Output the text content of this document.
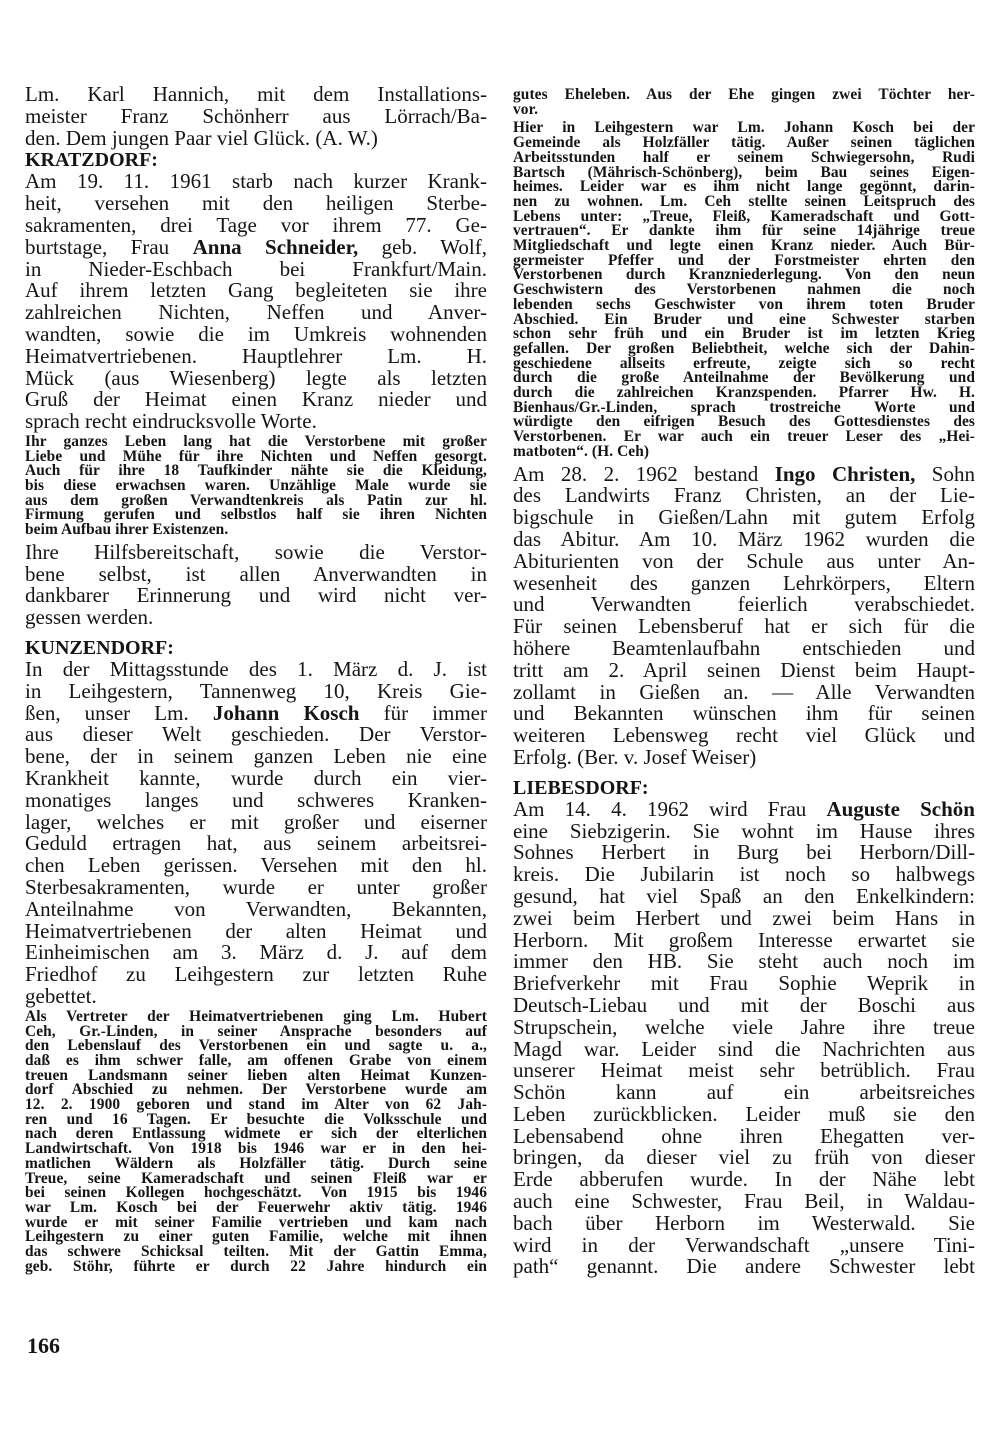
Lm. Karl Hannich, mit dem Installations-
meister Franz Schönherr aus Lörrach/Ba-
den. Dem jungen Paar viel Glück. (A. W.)
KRATZDORF:
Am 19. 11. 1961 starb nach kurzer Krank-
heit, versehen mit den heiligen Sterbe-
sakramenten, drei Tage vor ihrem 77. Ge-
burtstage, Frau Anna Schneider, geb. Wolf,
in Nieder-Eschbach bei Frankfurt/Main.
Auf ihrem letzten Gang begleiteten sie ihre
zahlreichen Nichten, Neffen und Anver-
wandten, sowie die im Umkreis wohnenden
Heimatvertriebenen. Hauptlehrer Lm. H.
Mück (aus Wiesenberg) legte als letzten
Gruß der Heimat einen Kranz nieder und
sprach recht eindrucksvolle Worte.
Ihr ganzes Leben lang hat die Verstorbene mit großer
Liebe und Mühe für ihre Nichten und Neffen gesorgt.
Auch für ihre 18 Taufkinder nähte sie die Kleidung,
bis diese erwachsen waren. Unzählige Male wurde sie
aus dem großen Verwandtenkreis als Patin zur hl.
Firmung gerufen und selbstlos half sie ihren Nichten
beim Aufbau ihrer Existenzen.
Ihre Hilfsbereitschaft, sowie die Verstor-
bene selbst, ist allen Anverwandten in
dankbarer Erinnerung und wird nicht ver-
gessen werden.
KUNZENDORF:
In der Mittagsstunde des 1. März d. J. ist
in Leihgestern, Tannenweg 10, Kreis Gie-
ßen, unser Lm. Johann Kosch für immer
aus dieser Welt geschieden. Der Verstor-
bene, der in seinem ganzen Leben nie eine
Krankheit kannte, wurde durch ein vier-
monatiges langes und schweres Kranken-
lager, welches er mit großer und eiserner
Geduld ertragen hat, aus seinem arbeitsrei-
chen Leben gerissen. Versehen mit den hl.
Sterbesakramenten, wurde er unter großer
Anteilnahme von Verwandten, Bekannten,
Heimatvertriebenen der alten Heimat und
Einheimischen am 3. März d. J. auf dem
Friedhof zu Leihgestern zur letzten Ruhe
gebettet.
Als Vertreter der Heimatvertriebenen ging Lm. Hubert
Ceh, Gr.-Linden, in seiner Ansprache besonders auf
den Lebenslauf des Verstorbenen ein und sagte u. a.,
daß es ihm schwer falle, am offenen Grabe von einem
treuen Landsmann seiner lieben alten Heimat Kunzen-
dorf Abschied zu nehmen. Der Verstorbene wurde am
12. 2. 1900 geboren und stand im Alter von 62 Jah-
ren und 16 Tagen. Er besuchte die Volksschule und
nach deren Entlassung widmete er sich der elterlichen
Landwirtschaft. Von 1918 bis 1946 war er in den hei-
matlichen Wäldern als Holzfäller tätig. Durch seine
Treue, seine Kameradschaft und seinen Fleiß war er
bei seinen Kollegen hochgeschätzt. Von 1915 bis 1946
war Lm. Kosch bei der Feuerwehr aktiv tätig. 1946
wurde er mit seiner Familie vertrieben und kam nach
Leihgestern zu einer guten Familie, welche mit ihnen
das schwere Schicksal teilten. Mit der Gattin Emma,
geb. Stöhr, führte er durch 22 Jahre hindurch ein
gutes Eheleben. Aus der Ehe gingen zwei Töchter her-
vor.
Hier in Leihgestern war Lm. Johann Kosch bei der
Gemeinde als Holzfäller tätig. Außer seinen täglichen
Arbeitsstunden half er seinem Schwiegersohn, Rudi
Bartsch (Mährisch-Schönberg), beim Bau seines Eigen-
heimes. Leider war es ihm nicht lange gegönnt, darin-
nen zu wohnen. Lm. Ceh stellte seinen Leitspruch des
Lebens unter: „Treue, Fleiß, Kameradschaft und Gott-
vertrauen“. Er dankte ihm für seine 14jährige treue
Mitgliedschaft und legte einen Kranz nieder. Auch Bür-
germeister Pfeffer und der Forstmeister ehrten den
Verstorbenen durch Kranzniederlegung. Von den neun
Geschwistern des Verstorbenen nahmen die noch
lebenden sechs Geschwister von ihrem toten Bruder
Abschied. Ein Bruder und eine Schwester starben
schon sehr früh und ein Bruder ist im letzten Krieg
gefallen. Der großen Beliebtheit, welche sich der Dahin-
geschiedene allseits erfreute, zeigte sich so recht
durch die große Anteilnahme der Bevölkerung und
durch die zahlreichen Kranzspenden. Pfarrer Hw. H.
Bienhaus/Gr.-Linden, sprach trostreiche Worte und
würdigte den eifrigen Besuch des Gottesdienstes des
Verstorbenen. Er war auch ein treuer Leser des „Hei-
matboten“. (H. Ceh)
Am 28. 2. 1962 bestand Ingo Christen, Sohn
des Landwirts Franz Christen, an der Lie-
bigschule in Gießen/Lahn mit gutem Erfolg
das Abitur. Am 10. März 1962 wurden die
Abiturienten von der Schule aus unter An-
wesenheit des ganzen Lehrkörpers, Eltern
und Verwandten feierlich verabschiedet.
Für seinen Lebensberuf hat er sich für die
höhere Beamtenlaufbahn entschieden und
tritt am 2. April seinen Dienst beim Haupt-
zollamt in Gießen an. — Alle Verwandten
und Bekannten wünschen ihm für seinen
weiteren Lebensweg recht viel Glück und
Erfolg. (Ber. v. Josef Weiser)
LIEBESDORF:
Am 14. 4. 1962 wird Frau Auguste Schön
eine Siebzigerin. Sie wohnt im Hause ihres
Sohnes Herbert in Burg bei Herborn/Dill-
kreis. Die Jubilarin ist noch so halbwegs
gesund, hat viel Spaß an den Enkelkindern:
zwei beim Herbert und zwei beim Hans in
Herborn. Mit großem Interesse erwartet sie
immer den HB. Sie steht auch noch im
Briefverkehr mit Frau Sophie Weprik in
Deutsch-Liebau und mit der Boschi aus
Strupschein, welche viele Jahre ihre treue
Magd war. Leider sind die Nachrichten aus
unserer Heimat meist sehr betrüblich. Frau
Schön kann auf ein arbeitsreiches
Leben zurückblicken. Leider muß sie den
Lebensabend ohne ihren Ehegatten ver-
bringen, da dieser viel zu früh von dieser
Erde abberufen wurde. In der Nähe lebt
auch eine Schwester, Frau Beil, in Waldau-
bach über Herborn im Westerwald. Sie
wird in der Verwandschaft „unsere Tini-
path“ genannt. Die andere Schwester lebt
166
